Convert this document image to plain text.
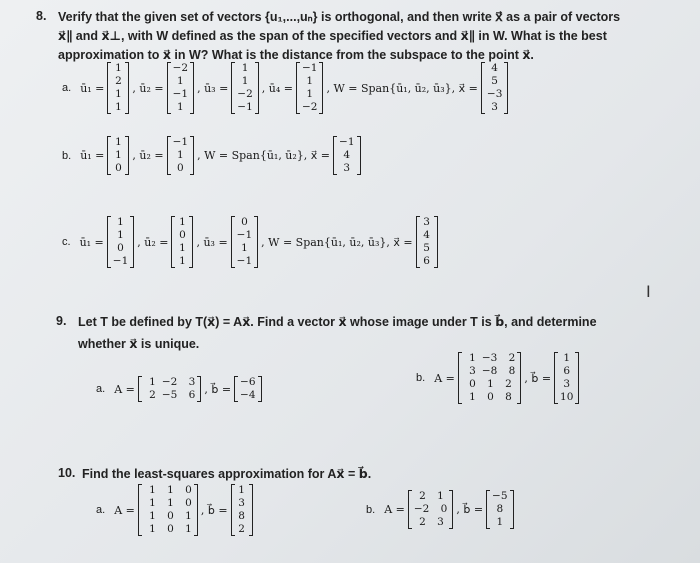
8. Verify that the given set of vectors {u₁,...,uₙ} is orthogonal, and then write x⃗ as a pair of vectors
x⃗∥ and x⃗⊥, with W defined as the span of the specified vectors and x⃗∥ in W. What is the best
approximation to x⃗ in W? What is the distance from the subspace to the point x⃗.
a. ū₁ =
1
2
1
1
, ū₂ =
−2
1
−1
1
, ū₃ =
1
1
−2
−1
, ū₄ =
−1
1
1
−2
, W = Span{ū₁, ū₂, ū₃}, x⃗ =
4
5
−3
3
b. ū₁ =
1
1
0
, ū₂ =
−1
1
0
, W = Span{ū₁, ū₂}, x⃗ =
−1
4
3
c. ū₁ =
1
1
0
−1
, ū₂ =
1
0
1
1
, ū₃ =
0
−1
1
−1
, W = Span{ū₁, ū₂, ū₃}, x⃗ =
3
4
5
6
I
9. Let T be defined by T(x⃗) = Ax⃗. Find a vector x⃗ whose image under T is b⃗, and determine
whether x⃗ is unique.
a. A =
1 −2	3
2 −5	6 , b⃗ =
−6
−4
b. A =
1 −3	2
3 −8	8
0	1	2
1	0	8
, b⃗ =
1
6
3
10
10. Find the least-squares approximation for Ax⃗ = b⃗.
a. A =
1	1	0
1	1	0
1	0	1
1	0	1
, b⃗ =
1
3
8
2
b. A =
2	1
−2	0
2	3
, b⃗ =
−5
8
1
